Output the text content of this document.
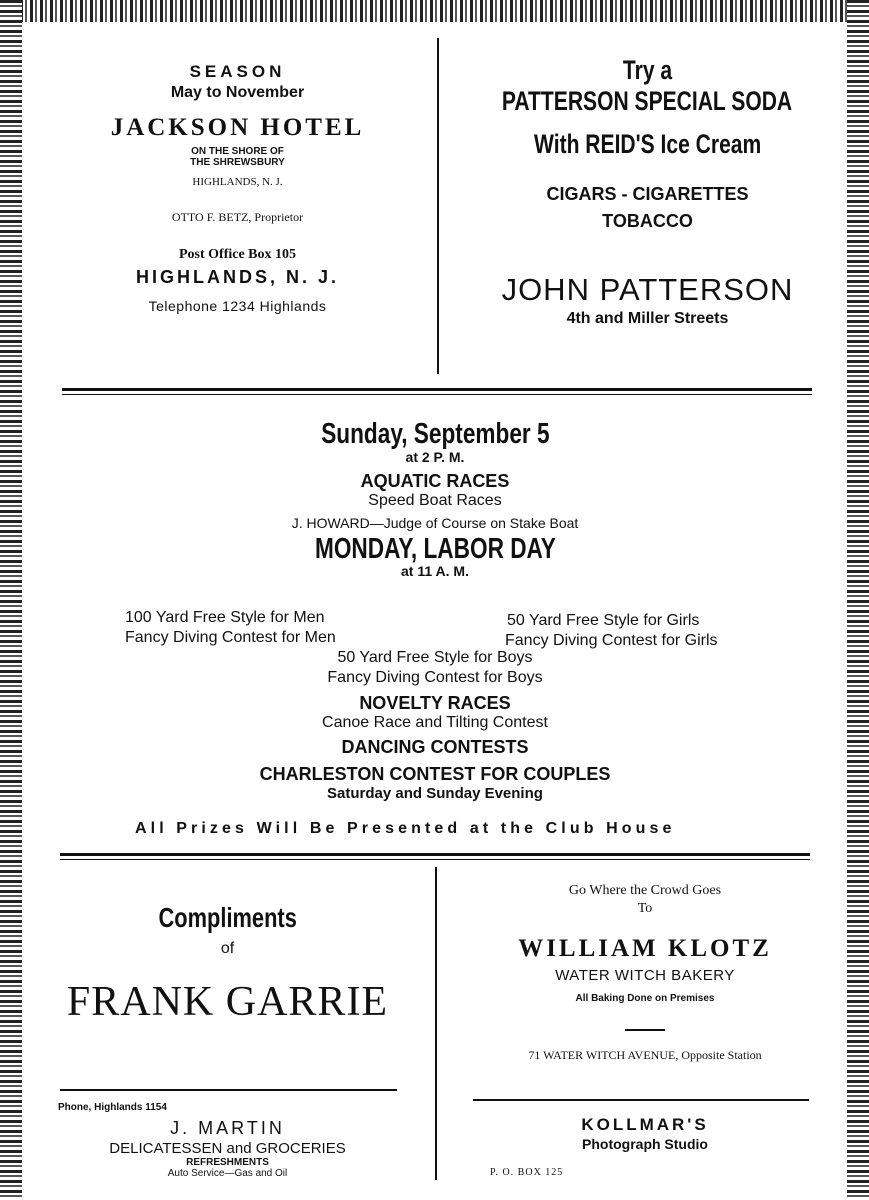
SEASON
May to November
JACKSON HOTEL
ON THE SHORE OF
THE SHREWSBURY
HIGHLANDS, N. J.
OTTO F. BETZ, Proprietor
Post Office Box 105
HIGHLANDS, N. J.
Telephone 1234 Highlands
Try a
PATTERSON SPECIAL SODA
With REID'S Ice Cream
CIGARS - CIGARETTES
TOBACCO
JOHN PATTERSON
4th and Miller Streets
Sunday, September 5
at 2 P. M.
AQUATIC RACES
Speed Boat Races
J. HOWARD—Judge of Course on Stake Boat
MONDAY, LABOR DAY
at 11 A. M.
100 Yard Free Style for Men
Fancy Diving Contest for Men
50 Yard Free Style for Girls
Fancy Diving Contest for Girls
50 Yard Free Style for Boys
Fancy Diving Contest for Boys
NOVELTY RACES
Canoe Race and Tilting Contest
DANCING CONTESTS
CHARLESTON CONTEST FOR COUPLES
Saturday and Sunday Evening
All Prizes Will Be Presented at the Club House
Compliments
of
FRANK GARRIE
Phone, Highlands 1154
J. MARTIN
DELICATESSEN and GROCERIES
REFRESHMENTS
Auto Service—Gas and Oil
Go Where the Crowd Goes
To
WILLIAM KLOTZ
WATER WITCH BAKERY
All Baking Done on Premises
71 WATER WITCH AVENUE, Opposite Station
KOLLMAR'S
Photograph Studio
P. O. BOX 125
